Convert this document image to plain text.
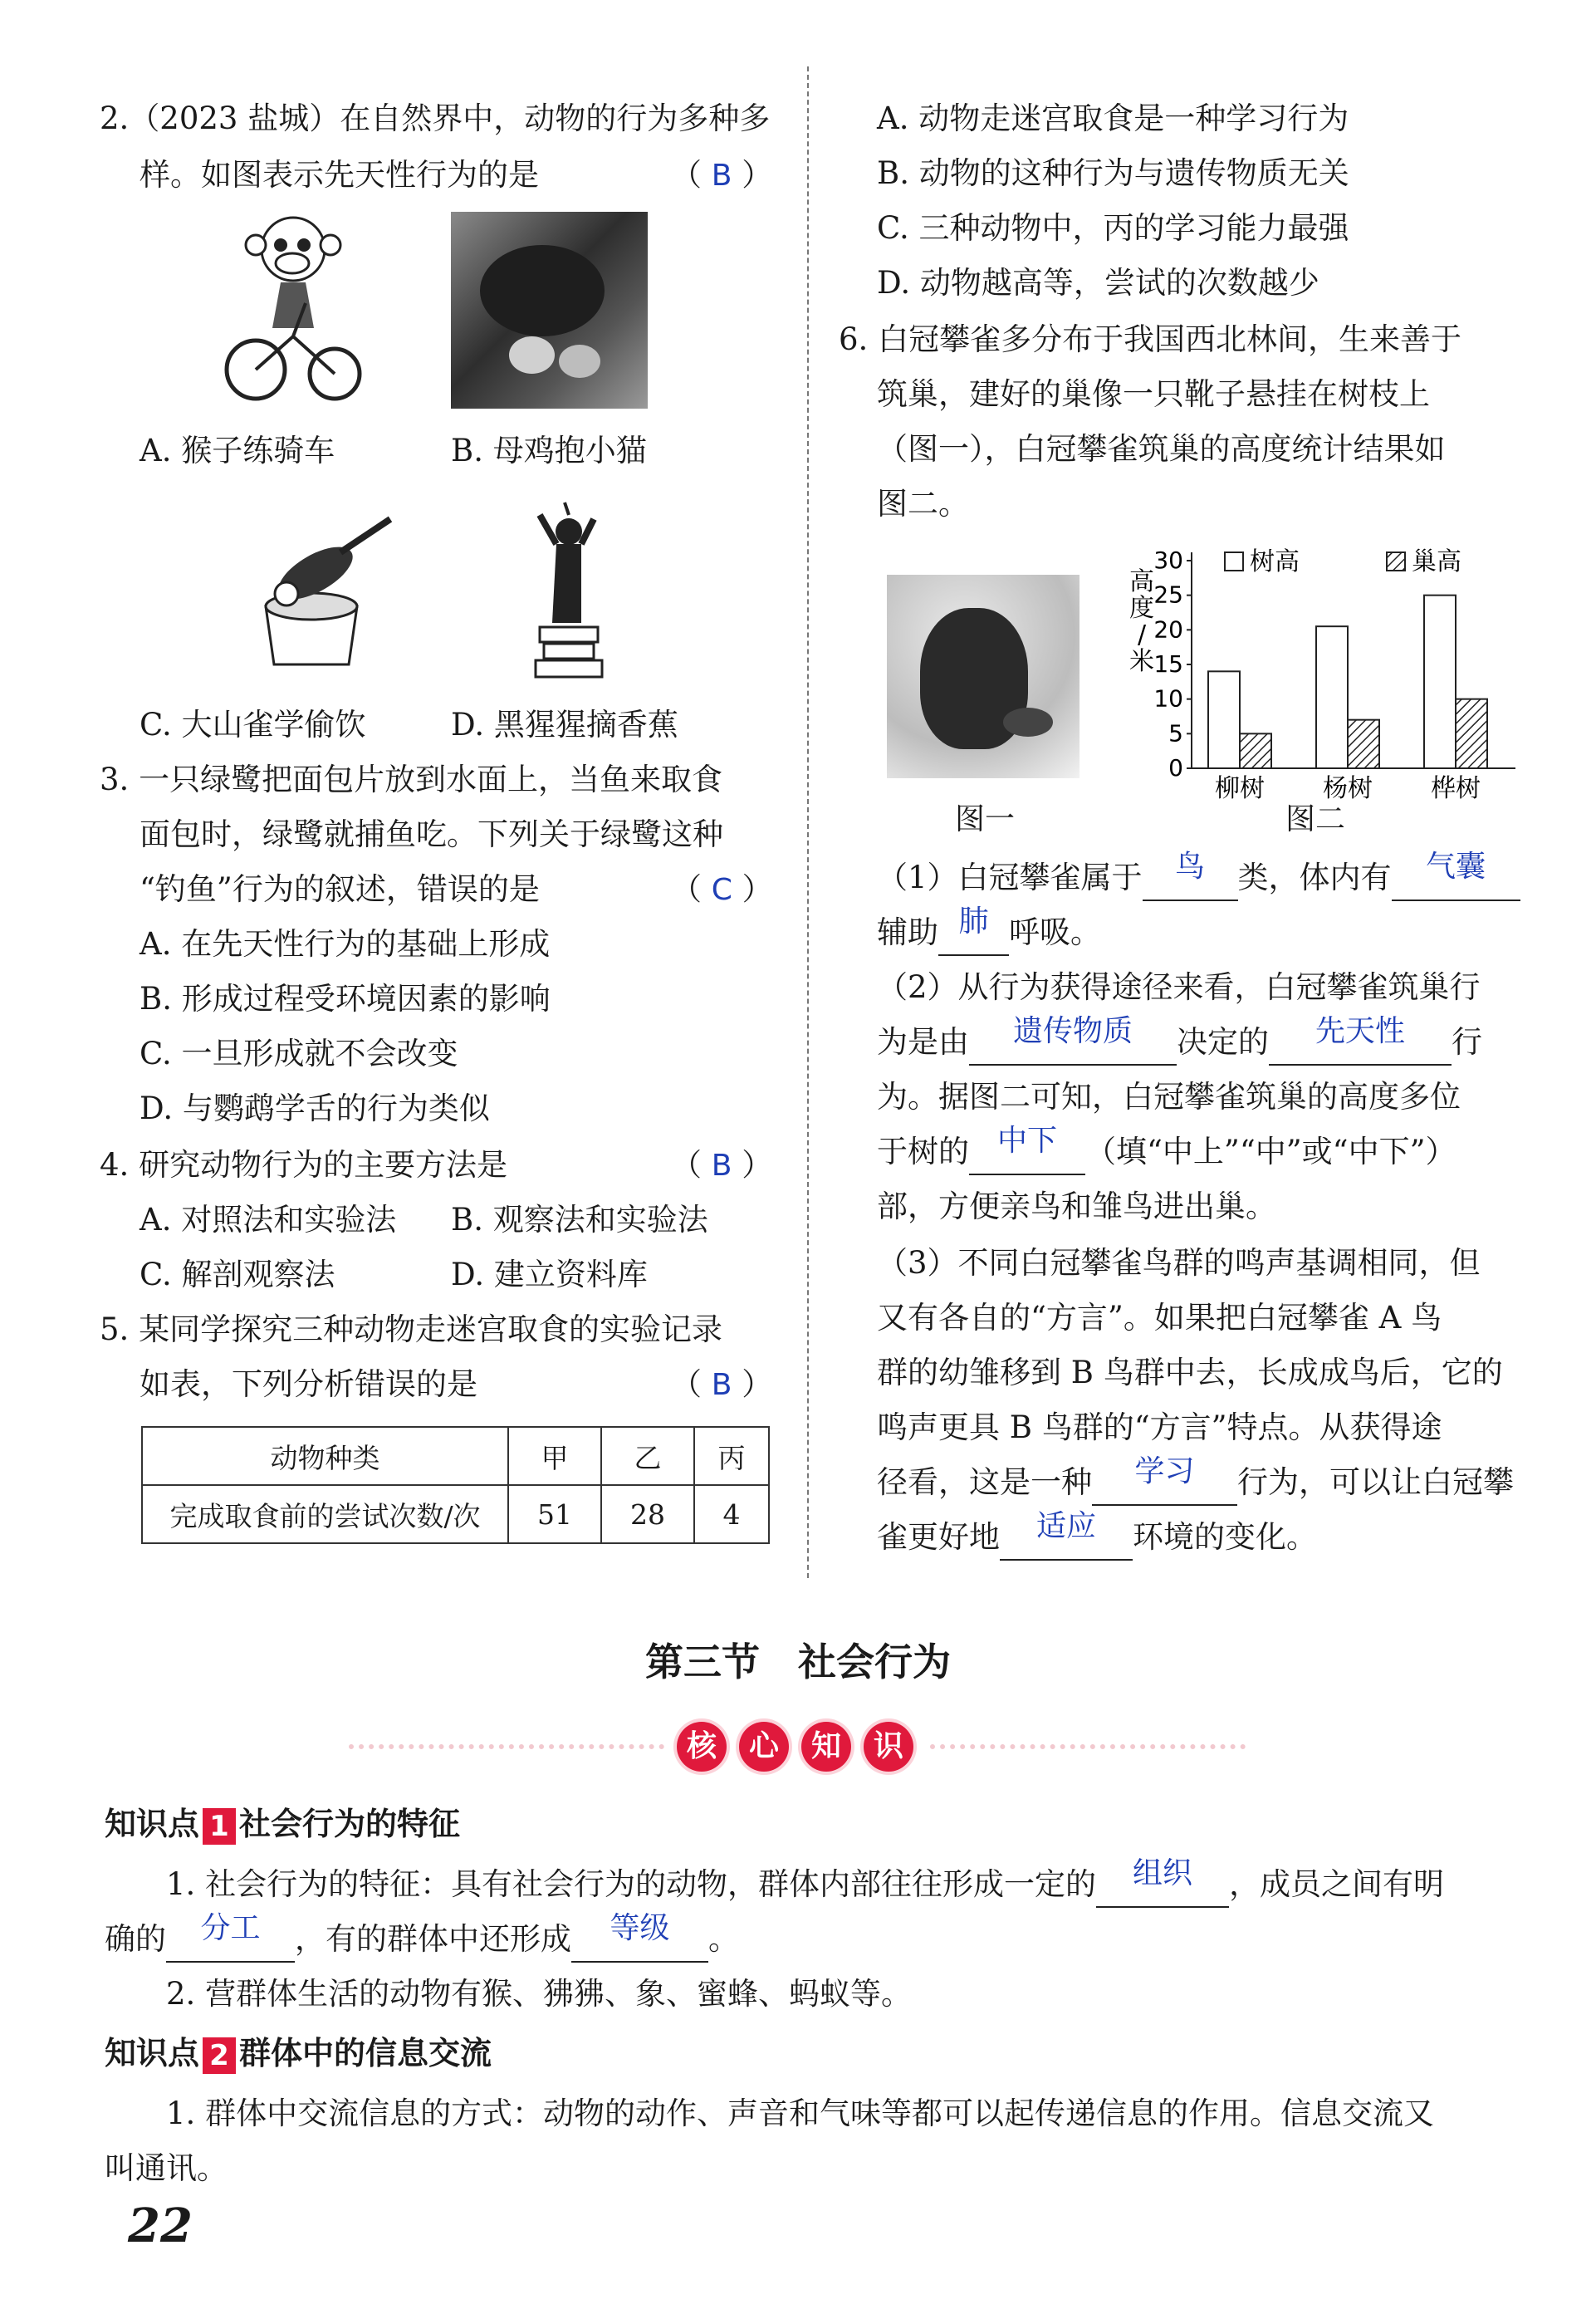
2.（2023 盐城）在自然界中，动物的行为多种多
样。如图表示先天性行为的是	（ B ）
A. 猴子练骑车	B. 母鸡抱小猫
C. 大山雀学偷饮	D. 黑猩猩摘香蕉
3. 一只绿鹭把面包片放到水面上，当鱼来取食
面包时，绿鹭就捕鱼吃。下列关于绿鹭这种
“钓鱼”行为的叙述，错误的是	（ C ）
A. 在先天性行为的基础上形成
B. 形成过程受环境因素的影响
C. 一旦形成就不会改变
D. 与鹦鹉学舌的行为类似
4. 研究动物行为的主要方法是	（ B ）
A. 对照法和实验法 B. 观察法和实验法
C. 解剖观察法	D. 建立资料库
5. 某同学探究三种动物走迷宫取食的实验记录
如表，下列分析错误的是	（ B ）
动物种类	甲	乙	丙
完成取食前的尝试次数/次	51	28	4
A. 动物走迷宫取食是一种学习行为
B. 动物的这种行为与遗传物质无关
C. 三种动物中，丙的学习能力最强
D. 动物越高等，尝试的次数越少
6. 白冠攀雀多分布于我国西北林间，生来善于
筑巢，建好的巢像一只靴子悬挂在树枝上
（图一），白冠攀雀筑巢的高度统计结果如
图二。
图一
高
度
/
米
树高	巢高
0
5
10
15
20
25
30
柳树 杨树 桦树
图二
（1）白冠攀雀属于 鸟 类，体内有 气囊
辅助 肺 呼吸。
（2）从行为获得途径来看，白冠攀雀筑巢行
为是由 遗传物质 决定的 先天性 行
为。据图二可知，白冠攀雀筑巢的高度多位
于树的 中下 （填“中上”“中”或“中下”）
部，方便亲鸟和雏鸟进出巢。
（3）不同白冠攀雀鸟群的鸣声基调相同，但
又有各自的“方言”。如果把白冠攀雀 A 鸟
群的幼雏移到 B 鸟群中去，长成成鸟后，它的
鸣声更具 B 鸟群的“方言”特点。从获得途
径看，这是一种 学习 行为，可以让白冠攀
雀更好地 适应 环境的变化。
第三节　社会行为
核	心	知	识
知识点 1 社会行为的特征
1. 社会行为的特征：具有社会行为的动物，群体内部往往形成一定的 组织 ，成员之间有明
确的 分工 ，有的群体中还形成 等级 。
2. 营群体生活的动物有猴、狒狒、象、蜜蜂、蚂蚁等。
知识点 2 群体中的信息交流
1. 群体中交流信息的方式：动物的动作、声音和气味等都可以起传递信息的作用。信息交流又
叫通讯。
22
